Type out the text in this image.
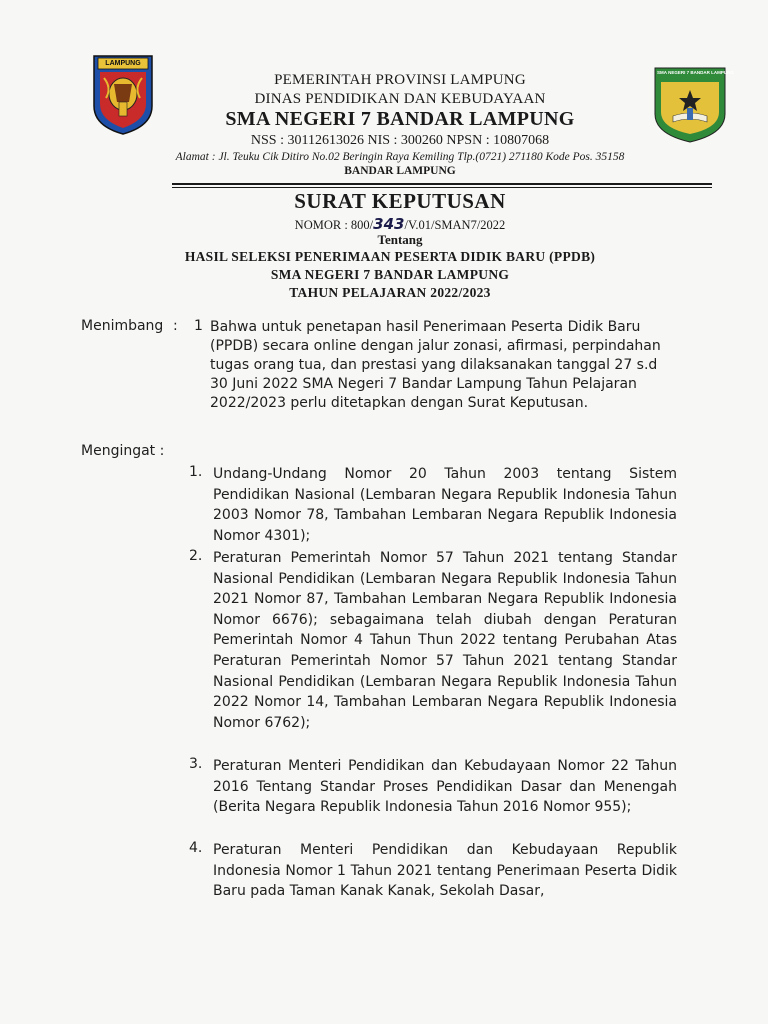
LAMPUNG
SMA NEGERI 7 BANDAR LAMPUNG
PEMERINTAH PROVINSI LAMPUNG
DINAS PENDIDIKAN DAN KEBUDAYAAN
SMA NEGERI 7 BANDAR LAMPUNG
NSS : 30112613026 NIS : 300260 NPSN : 10807068
Alamat : Jl. Teuku Cik Ditiro No.02 Beringin Raya Kemiling Tlp.(0721) 271180 Kode Pos. 35158
BANDAR LAMPUNG
SURAT KEPUTUSAN
NOMOR : 800/343/V.01/SMAN7/2022
Tentang
HASIL SELEKSI PENERIMAAN PESERTA DIDIK BARU (PPDB)
SMA NEGERI 7 BANDAR LAMPUNG
TAHUN PELAJARAN 2022/2023
Menimbang : 1 Bahwa untuk penetapan hasil Penerimaan Peserta Didik Baru (PPDB) secara online dengan jalur zonasi, afirmasi, perpindahan tugas orang tua, dan prestasi yang dilaksanakan tanggal 27 s.d 30 Juni 2022 SMA Negeri 7 Bandar Lampung Tahun Pelajaran 2022/2023 perlu ditetapkan dengan Surat Keputusan.
Mengingat :
1. Undang-Undang Nomor 20 Tahun 2003 tentang Sistem Pendidikan Nasional (Lembaran Negara Republik Indonesia Tahun 2003 Nomor 78, Tambahan Lembaran Negara Republik Indonesia Nomor 4301);
2. Peraturan Pemerintah Nomor 57 Tahun 2021 tentang Standar Nasional Pendidikan (Lembaran Negara Republik Indonesia Tahun 2021 Nomor 87, Tambahan Lembaran Negara Republik Indonesia Nomor 6676); sebagaimana telah diubah dengan Peraturan Pemerintah Nomor 4 Tahun Thun 2022 tentang Perubahan Atas Peraturan Pemerintah Nomor 57 Tahun 2021 tentang Standar Nasional Pendidikan (Lembaran Negara Republik Indonesia Tahun 2022 Nomor 14, Tambahan Lembaran Negara Republik Indonesia Nomor 6762);
3. Peraturan Menteri Pendidikan dan Kebudayaan Nomor 22 Tahun 2016 Tentang Standar Proses Pendidikan Dasar dan Menengah (Berita Negara Republik Indonesia Tahun 2016 Nomor 955);
4. Peraturan Menteri Pendidikan dan Kebudayaan Republik Indonesia Nomor 1 Tahun 2021 tentang Penerimaan Peserta Didik Baru pada Taman Kanak Kanak, Sekolah Dasar,
